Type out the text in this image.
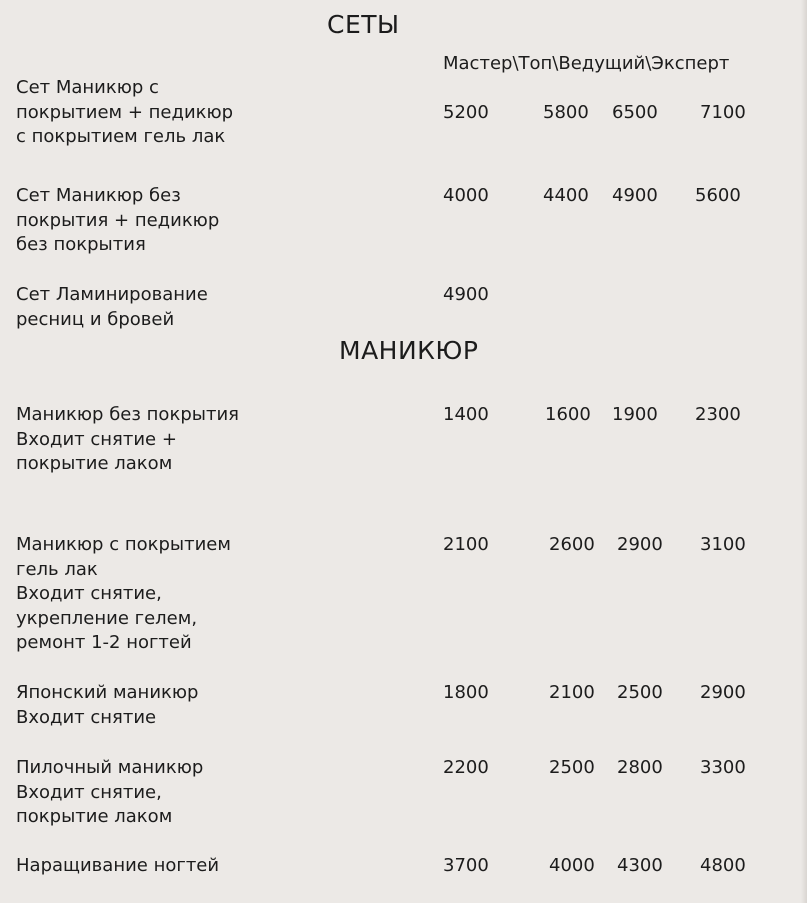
СЕТЫ
Мастер\Топ\Ведущий\Эксперт
МАНИКЮР
Сет Маникюр с
покрытием + педикюр
с покрытием гель лак
5200	5800 6500 7100
Сет Маникюр без
покрытия + педикюр
без покрытия
4000	4400 4900 5600
Сет Ламинирование
ресниц и бровей
4900
Маникюр без покрытия
Входит снятие +
покрытие лаком
1400	1600 1900 2300
Маникюр с покрытием
гель лак
Входит снятие,
укрепление гелем,
ремонт 1-2 ногтей
2100	2600 2900 3100
Японский маникюр
Входит снятие
1800	2100 2500 2900
Пилочный маникюр
Входит снятие,
покрытие лаком
2200	2500 2800 3300
Наращивание ногтей	3700	4000 4300 4800
